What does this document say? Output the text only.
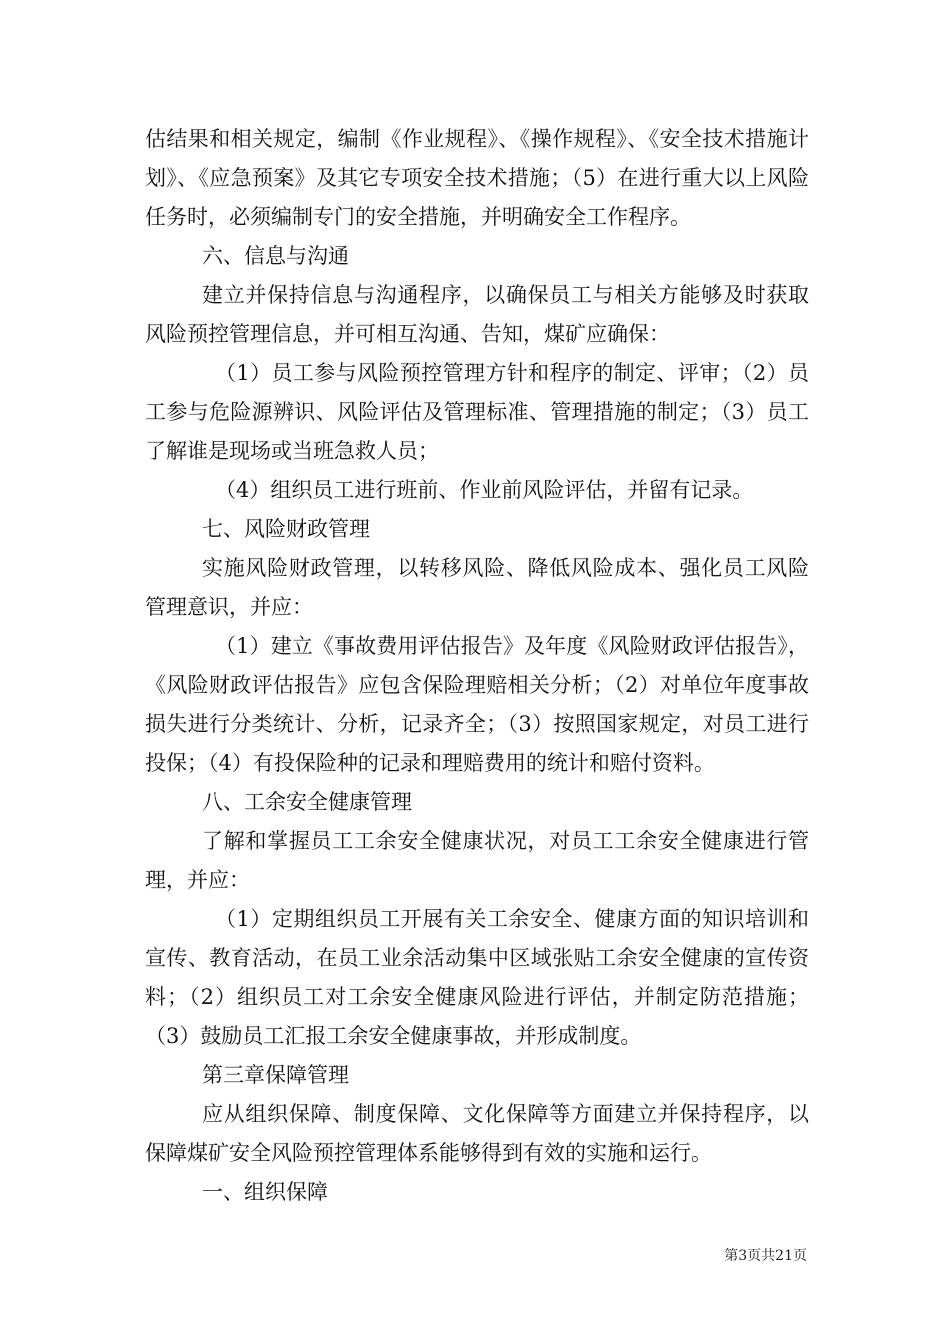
估结果和相关规定，编制《作业规程》、《操作规程》、《安全技术措施计划》、《应急预案》及其它专项安全技术措施；（5）在进行重大以上风险任务时，必须编制专门的安全措施，并明确安全工作程序。

六、信息与沟通

建立并保持信息与沟通程序，以确保员工与相关方能够及时获取风险预控管理信息，并可相互沟通、告知，煤矿应确保：

（1）员工参与风险预控管理方针和程序的制定、评审；（2）员工参与危险源辨识、风险评估及管理标准、管理措施的制定；（3）员工了解谁是现场或当班急救人员；

（4）组织员工进行班前、作业前风险评估，并留有记录。

七、风险财政管理

实施风险财政管理，以转移风险、降低风险成本、强化员工风险管理意识，并应：

（1）建立《事故费用评估报告》及年度《风险财政评估报告》，《风险财政评估报告》应包含保险理赔相关分析；（2）对单位年度事故损失进行分类统计、分析，记录齐全；（3）按照国家规定，对员工进行投保；（4）有投保险种的记录和理赔费用的统计和赔付资料。

八、工余安全健康管理

了解和掌握员工工余安全健康状况，对员工工余安全健康进行管理，并应：

（1）定期组织员工开展有关工余安全、健康方面的知识培训和宣传、教育活动，在员工业余活动集中区域张贴工余安全健康的宣传资料；（2）组织员工对工余安全健康风险进行评估，并制定防范措施；（3）鼓励员工汇报工余安全健康事故，并形成制度。

第三章保障管理

应从组织保障、制度保障、文化保障等方面建立并保持程序，以保障煤矿安全风险预控管理体系能够得到有效的实施和运行。

一、组织保障

第3页共21页
